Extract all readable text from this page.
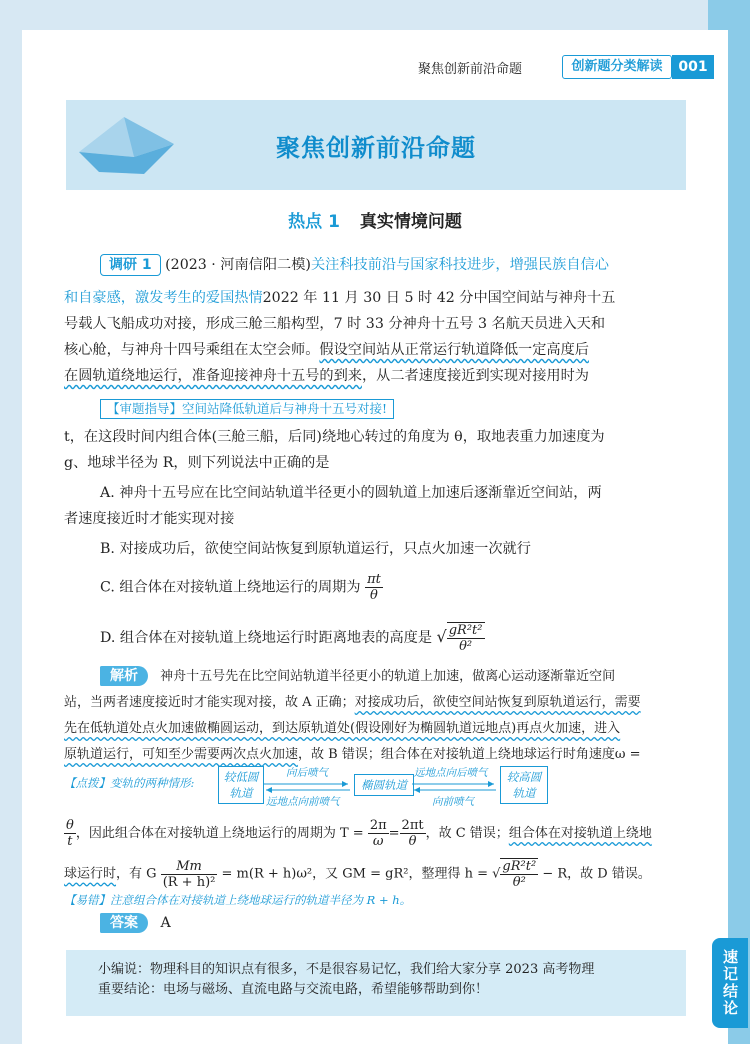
速记结论
聚焦创新前沿命题	创新题分类解读	001
聚焦创新前沿命题
热点 1 真实情境问题
调研 1 (2023 · 河南信阳二模)关注科技前沿与国家科技进步，增强民族自信心
和自豪感，激发考生的爱国热情2022 年 11 月 30 日 5 时 42 分中国空间站与神舟十五
号载人飞船成功对接，形成三舱三船构型，7 时 33 分神舟十五号 3 名航天员进入天和
核心舱，与神舟十四号乘组在太空会师。假设空间站从正常运行轨道降低一定高度后
在圆轨道绕地运行，准备迎接神舟十五号的到来，从二者速度接近到实现对接用时为
【审题指导】空间站降低轨道后与神舟十五号对接!
t，在这段时间内组合体(三舱三船，后同)绕地心转过的角度为 θ，取地表重力加速度为
g、地球半径为 R，则下列说法中正确的是
A. 神舟十五号应在比空间站轨道半径更小的圆轨道上加速后逐渐靠近空间站，两
者速度接近时才能实现对接
B. 对接成功后，欲使空间站恢复到原轨道运行，只点火加速一次就行
C. 组合体在对接轨道上绕地运行的周期为 $\frac{\pi t}{\theta}$
D. 组合体在对接轨道上绕地运行时距离地表的高度是 √ $\frac{\text{gR²t²}}{\text{θ²}}$
解析 神舟十五号先在比空间站轨道半径更小的轨道上加速，做离心运动逐渐靠近空间
站，当两者速度接近时才能实现对接，故 A 正确；对接成功后，欲使空间站恢复到原轨道运行，需要
先在低轨道处点火加速做椭圆运动，到达原轨道处(假设刚好为椭圆轨道远地点)再点火加速，进入
原轨道运行，可知至少需要两次点火加速，故 B 错误；组合体在对接轨道上绕地球运行时角速度ω =
【点拨】变轨的两种情形:	较低圆轨道
椭圆轨道
较高圆轨道
向后喷气
远地点向前喷气
远地点向后喷气
向前喷气
$\frac{\theta}{t}$ ，因此组合体在对接轨道上绕地运行的周期为 $T = \frac{2\pi}{\omega} = \frac{2\pi t}{\theta}$ ，故 C 错误；组合体在对接轨道上绕地
球运行时，有 G $\frac{Mm}{\text{(R + h)²}} = m(R + h)\omega^2$，又 GM = gR²，整理得 h = √ $\frac{\text{gR²t²}}{\text{θ²}} - R$，故 D 错误。
【易错】注意组合体在对接轨道上绕地球运行的轨道半径为 R + h。
答案 A
小编说：物理科目的知识点有很多，不是很容易记忆，我们给大家分享 2023 高考物理
重要结论：电场与磁场、直流电路与交流电路，希望能够帮助到你！
